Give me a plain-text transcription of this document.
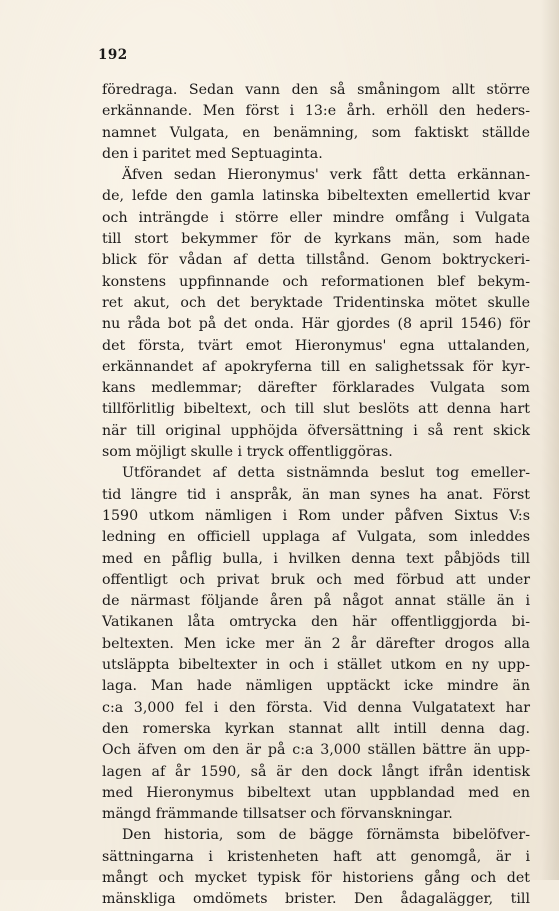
192
föredraga. Sedan vann den så småningom allt större
erkännande. Men först i 13:e årh. erhöll den heders-
namnet Vulgata, en benämning, som faktiskt ställde
den i paritet med Septuaginta.
Äfven sedan Hieronymus' verk fått detta erkännan-
de, lefde den gamla latinska bibeltexten emellertid kvar
och inträngde i större eller mindre omfång i Vulgata
till stort bekymmer för de kyrkans män, som hade
blick för vådan af detta tillstånd. Genom boktryckeri-
konstens uppfinnande och reformationen blef bekym-
ret akut, och det beryktade Tridentinska mötet skulle
nu råda bot på det onda. Här gjordes (8 april 1546) för
det första, tvärt emot Hieronymus' egna uttalanden,
erkännandet af apokryferna till en salighetssak för kyr-
kans medlemmar; därefter förklarades Vulgata som
tillförlitlig bibeltext, och till slut beslöts att denna hart
när till original upphöjda öfversättning i så rent skick
som möjligt skulle i tryck offentliggöras.
Utförandet af detta sistnämnda beslut tog emeller-
tid längre tid i anspråk, än man synes ha anat. Först
1590 utkom nämligen i Rom under påfven Sixtus V:s
ledning en officiell upplaga af Vulgata, som inleddes
med en påflig bulla, i hvilken denna text påbjöds till
offentligt och privat bruk och med förbud att under
de närmast följande åren på något annat ställe än i
Vatikanen låta omtrycka den här offentliggjorda bi-
beltexten. Men icke mer än 2 år därefter drogos alla
utsläppta bibeltexter in och i stället utkom en ny upp-
laga. Man hade nämligen upptäckt icke mindre än
c:a 3,000 fel i den första. Vid denna Vulgatatext har
den romerska kyrkan stannat allt intill denna dag.
Och äfven om den är på c:a 3,000 ställen bättre än upp-
lagen af år 1590, så är den dock långt ifrån identisk
med Hieronymus bibeltext utan uppblandad med en
mängd främmande tillsatser och förvanskningar.
Den historia, som de bägge förnämsta bibelöfver-
sättningarna i kristenheten haft att genomgå, är i
mångt och mycket typisk för historiens gång och det
mänskliga omdömets brister. Den ådagalägger, till
